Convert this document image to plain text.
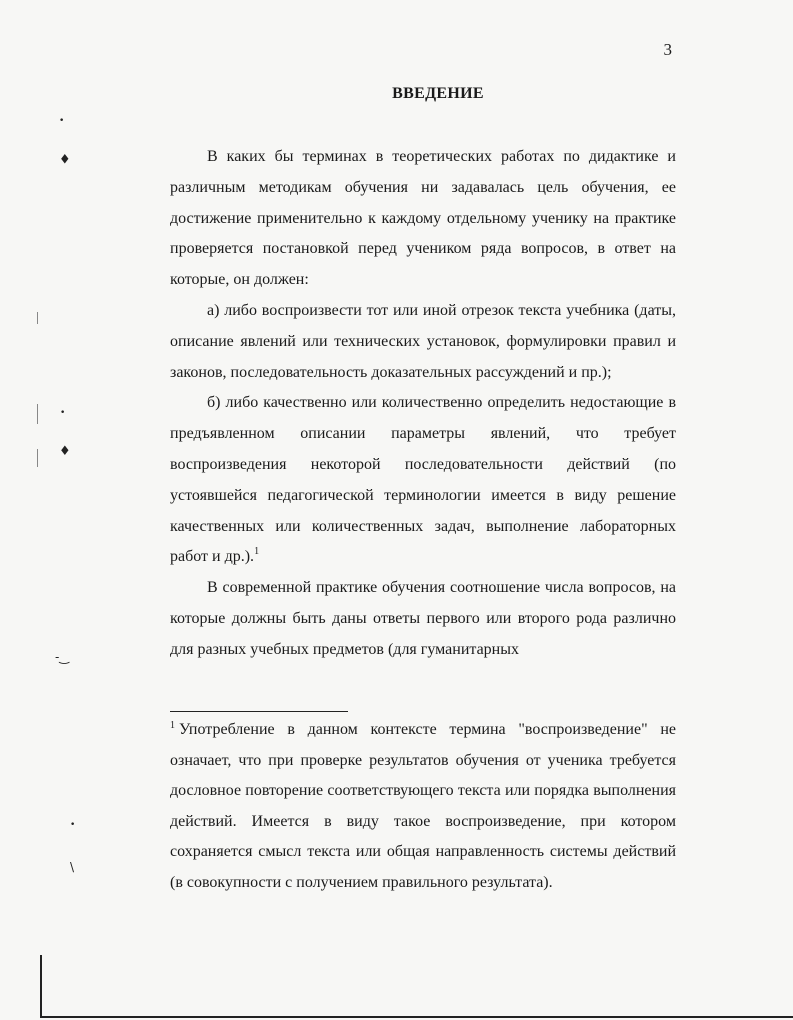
3
ВВЕДЕНИЕ

В каких бы терминах в теоретических работах по дидактике и различным методикам обучения ни задавалась цель обучения, ее достижение применительно к каждому отдельному ученику на практике проверяется постановкой перед учеником ряда вопросов, в ответ на которые, он должен:

а) либо воспроизвести тот или иной отрезок текста учебника (даты, описание явлений или технических установок, формулировки правил и законов, последовательность доказательных рассуждений и пр.);

б) либо качественно или количественно определить недостающие в предъявленном описании параметры явлений, что требует воспроизведения некоторой последовательности действий (по устоявшейся педагогической терминологии имеется в виду решение качественных или количественных задач, выполнение лабораторных работ и др.).$^1$

В современной практике обучения соотношение числа вопросов, на которые должны быть даны ответы первого или второго рода различно для разных учебных предметов (для гуманитарных

$^1$ Употребление в данном контексте термина "воспроизведение" не означает, что при проверке результатов обучения от ученика требуется дословное повторение соответствующего текста или порядка выполнения действий. Имеется в виду такое воспроизведение, при котором сохраняется смысл текста или общая направленность системы действий (в совокупности с получением правильного результата).

•
♦
•
♦
-‿
•
\
